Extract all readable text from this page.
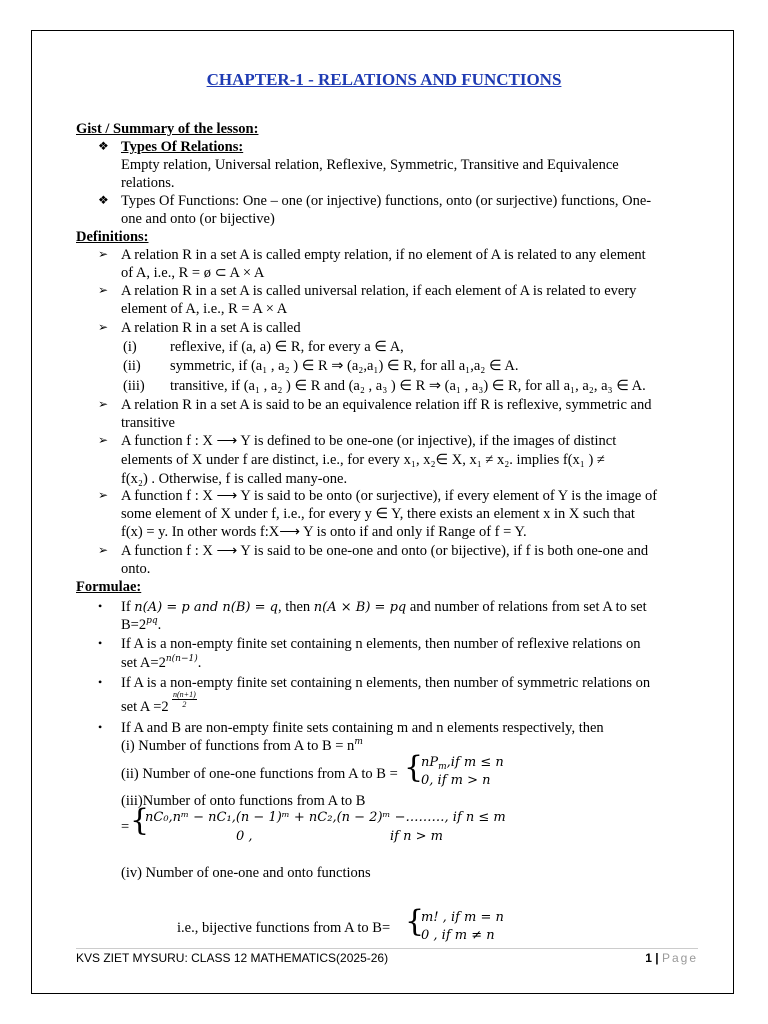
CHAPTER-1 - RELATIONS AND FUNCTIONS
Gist / Summary of the lesson:
❖ Types Of Relations:
Empty relation, Universal relation, Reflexive, Symmetric, Transitive and Equivalence
relations.
❖ Types Of Functions: One – one (or injective) functions, onto (or surjective) functions, One-
one and onto (or bijective)
Definitions:
➢ A relation R in a set A is called empty relation, if no element of A is related to any element
of A, i.e., R = ø ⊂ A × A
➢ A relation R in a set A is called universal relation, if each element of A is related to every
element of A, i.e., R = A × A
➢ A relation R in a set A is called
(i) reflexive, if (a, a) ∈ R, for every a ∈ A,
(ii) symmetric, if (a₁ , a₂ ) ∈ R ⇒ (a₂,a₁) ∈ R, for all a₁,a₂ ∈ A.
(iii) transitive, if (a₁ , a₂ ) ∈ R and (a₂ , a₃ ) ∈ R ⇒ (a₁ , a₃) ∈ R, for all a₁, a₂, a₃ ∈ A.
➢ A relation R in a set A is said to be an equivalence relation iff R is reflexive, symmetric and
transitive
➢ A function f : X ⟶ Y is defined to be one-one (or injective), if the images of distinct
elements of X under f are distinct, i.e., for every x₁, x₂∈ X, x₁ ≠ x₂. implies f(x₁ ) ≠
f(x₂) . Otherwise, f is called many-one.
➢ A function f : X ⟶ Y is said to be onto (or surjective), if every element of Y is the image of
some element of X under f, i.e., for every y ∈ Y, there exists an element x in X such that
f(x) = y. In other words f:X⟶ Y is onto if and only if Range of f = Y.
➢ A function f : X ⟶ Y is said to be one-one and onto (or bijective), if f is both one-one and
onto.
Formulae:
• If n(A) = p and n(B) = q, then n(A × B) = pq and number of relations from set A to set
$B=2^{pq}$.
• If A is a non-empty finite set containing n elements, then number of reflexive relations on
set $A=2^{n(n-1)}$.
• If A is a non-empty finite set containing n elements, then number of symmetric relations on
set $A =2 \frac{n(n+1)}{2}$
• If A and B are non-empty finite sets containing m and n elements respectively, then
(i) Number of functions from A to $B = n^m$
(ii) Number of one-one functions from A to B = {
$nP_m,if$ m ≤ n
0, if m > n
(iii)Number of onto functions from A to B
= {
nC₀,nᵐ − nC₁,(n − 1)ᵐ + nC₂,(n − 2)ᵐ −………, if n ≤ m
0 ,	if n > m
(iv) Number of one-one and onto functions
i.e., bijective functions from A to B= {
m! , if m = n
0 , if m ≠ n
KVS ZIET MYSURU: CLASS 12 MATHEMATICS(2025-26)	1 | Page
